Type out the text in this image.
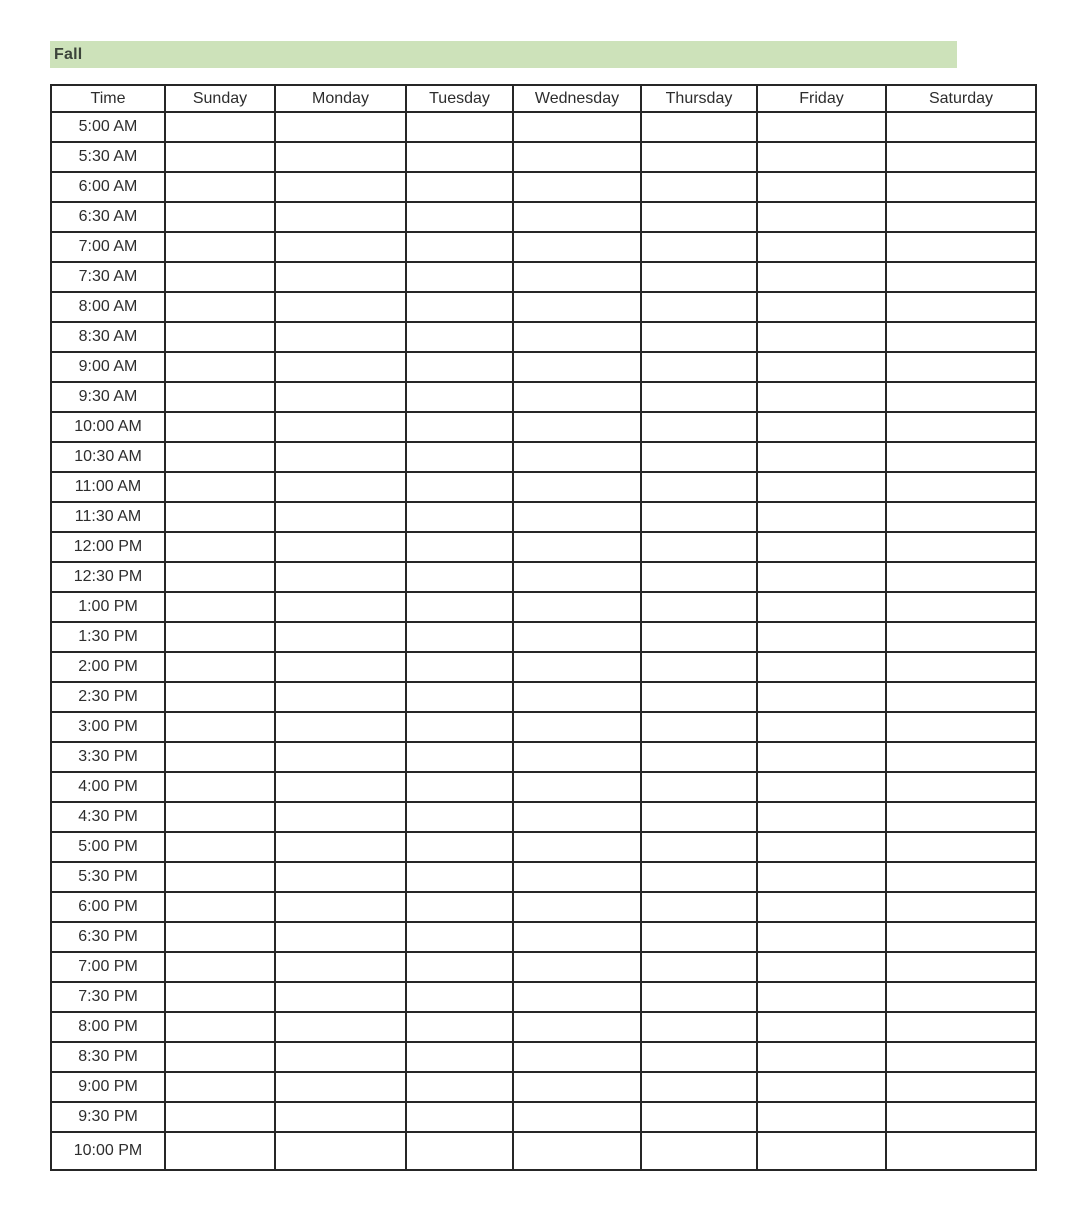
Fall
Time	Sunday	Monday	Tuesday	Wednesday	Thursday	Friday	Saturday
5:00 AM							
5:30 AM							
6:00 AM							
6:30 AM							
7:00 AM							
7:30 AM							
8:00 AM							
8:30 AM							
9:00 AM							
9:30 AM							
10:00 AM							
10:30 AM							
11:00 AM							
11:30 AM							
12:00 PM							
12:30 PM							
1:00 PM							
1:30 PM							
2:00 PM							
2:30 PM							
3:00 PM							
3:30 PM							
4:00 PM							
4:30 PM							
5:00 PM							
5:30 PM							
6:00 PM							
6:30 PM							
7:00 PM							
7:30 PM							
8:00 PM							
8:30 PM							
9:00 PM							
9:30 PM							
10:00 PM							
